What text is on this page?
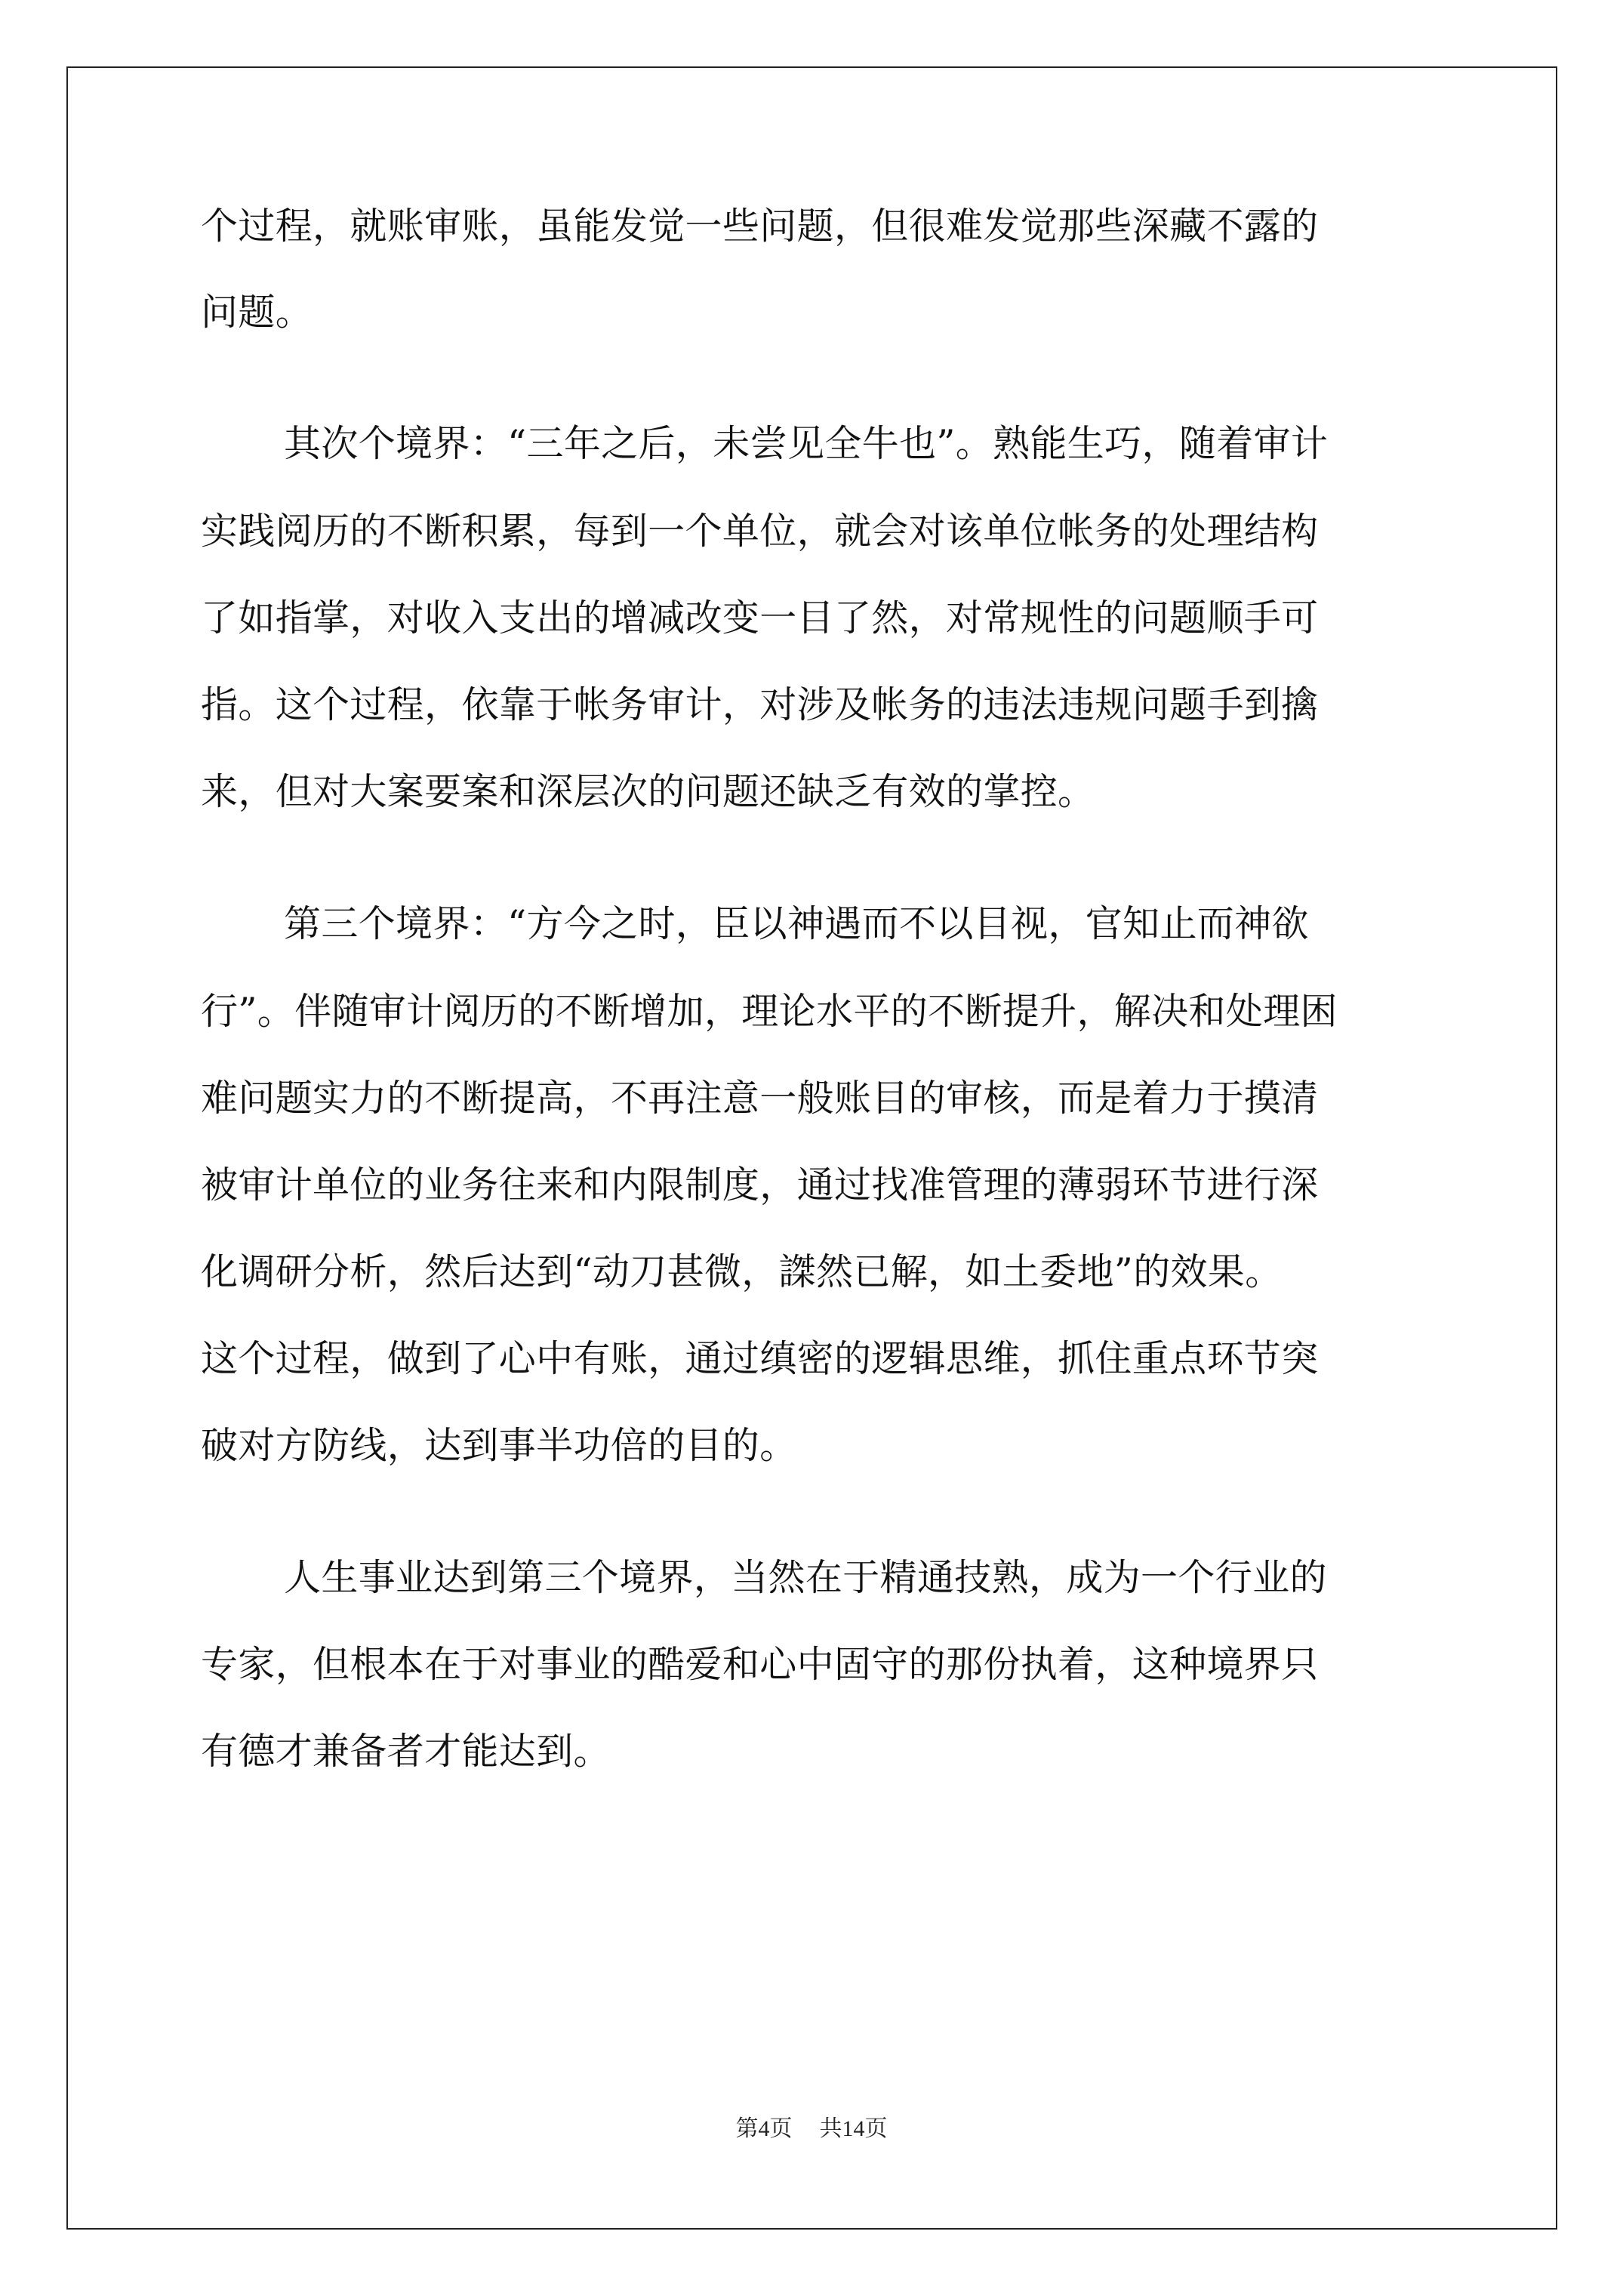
个过程，就账审账，虽能发觉一些问题，但很难发觉那些深藏不露的
问题。
其次个境界：“三年之后，未尝见全牛也”。熟能生巧，随着审计
实践阅历的不断积累，每到一个单位，就会对该单位帐务的处理结构
了如指掌，对收入支出的增减改变一目了然，对常规性的问题顺手可
指。这个过程，依靠于帐务审计，对涉及帐务的违法违规问题手到擒
来，但对大案要案和深层次的问题还缺乏有效的掌控。
第三个境界：“方今之时，臣以神遇而不以目视，官知止而神欲
行”。伴随审计阅历的不断增加，理论水平的不断提升，解决和处理困
难问题实力的不断提高，不再注意一般账目的审核，而是着力于摸清
被审计单位的业务往来和内限制度，通过找准管理的薄弱环节进行深
化调研分析，然后达到“动刀甚微，謋然已解，如土委地”的效果。
这个过程，做到了心中有账，通过缜密的逻辑思维，抓住重点环节突
破对方防线，达到事半功倍的目的。
人生事业达到第三个境界，当然在于精通技熟，成为一个行业的
专家，但根本在于对事业的酷爱和心中固守的那份执着，这种境界只
有德才兼备者才能达到。
第4页 共14页
